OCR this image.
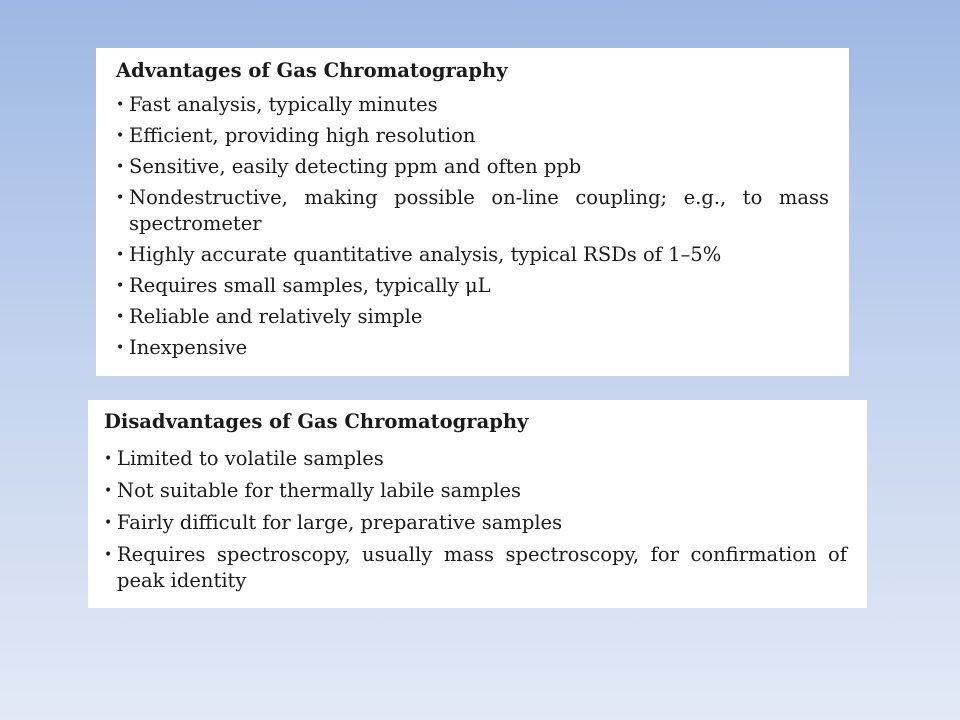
Advantages of Gas Chromatography
• Fast analysis, typically minutes
• Efficient, providing high resolution
• Sensitive, easily detecting ppm and often ppb
• Nondestructive, making possible on-line coupling; e.g., to mass spectrometer
• Highly accurate quantitative analysis, typical RSDs of 1–5%
• Requires small samples, typically μL
• Reliable and relatively simple
• Inexpensive
Disadvantages of Gas Chromatography
• Limited to volatile samples
• Not suitable for thermally labile samples
• Fairly difficult for large, preparative samples
• Requires spectroscopy, usually mass spectroscopy, for confirmation of peak identity
